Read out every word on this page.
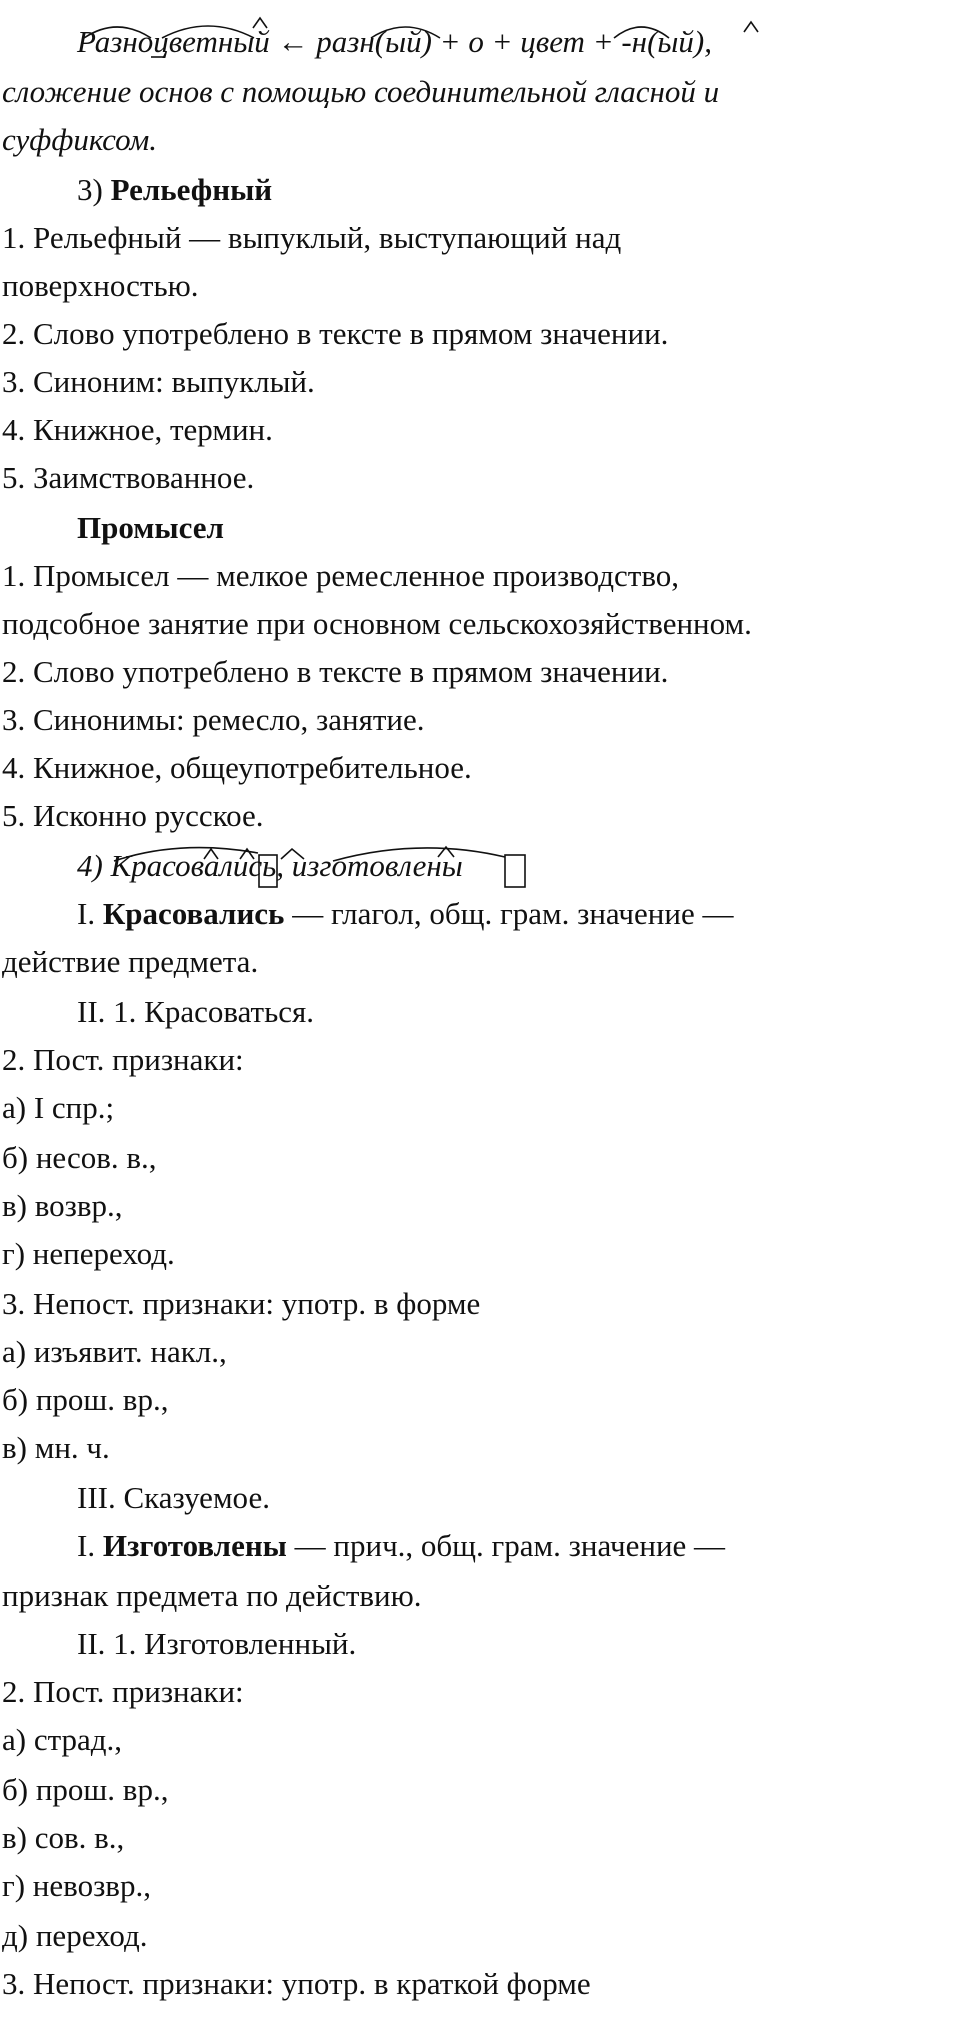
Разноцветный ← разн(ый) + о + цвет + -н(ый),
сложение основ с помощью соединительной гласной и
суффиксом.
3) Рельефный
1. Рельефный — выпуклый, выступающий над
поверхностью.
2. Слово употреблено в тексте в прямом значении.
3. Синоним: выпуклый.
4. Книжное, термин.
5. Заимствованное.
Промысел
1. Промысел — мелкое ремесленное производство,
подсобное занятие при основном сельскохозяйственном.
2. Слово употреблено в тексте в прямом значении.
3. Синонимы: ремесло, занятие.
4. Книжное, общеупотребительное.
5. Исконно русское.
4) Красовались, изготовлены
I. Красовались — глагол, общ. грам. значение —
действие предмета.
II. 1. Красоваться.
2. Пост. признаки:
а) I спр.;
б) несов. в.,
в) возвр.,
г) непереход.
3. Непост. признаки: употр. в форме
а) изъявит. накл.,
б) прош. вр.,
в) мн. ч.
III. Сказуемое.
I. Изготовлены — прич., общ. грам. значение —
признак предмета по действию.
II. 1. Изготовленный.
2. Пост. признаки:
а) страд.,
б) прош. вр.,
в) сов. в.,
г) невозвр.,
д) переход.
3. Непост. признаки: употр. в краткой форме
